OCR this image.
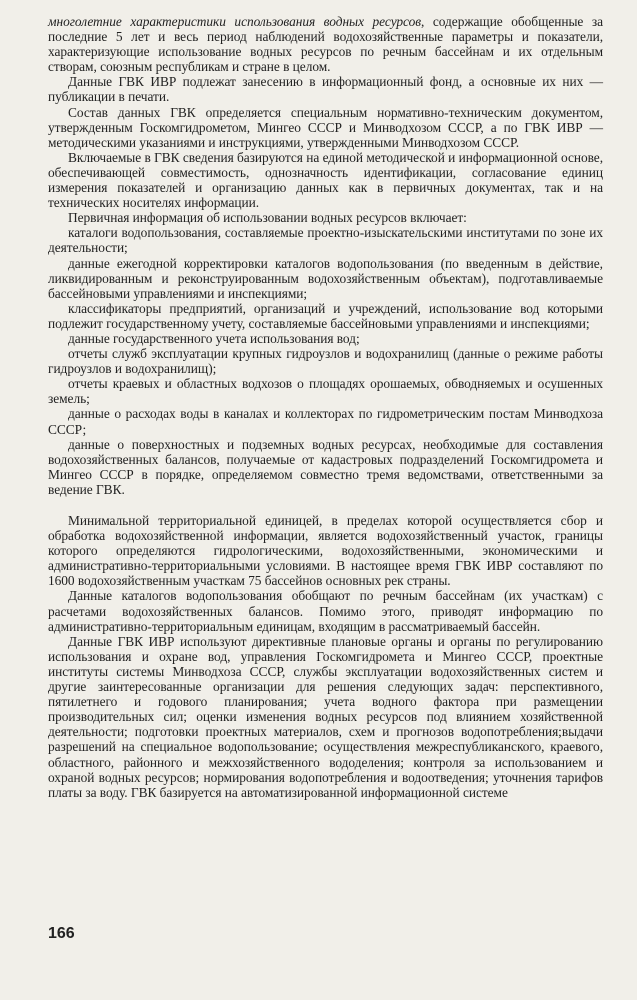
многолетние характеристики использования водных ресурсов, содержащие обобщенные за последние 5 лет и весь период наблюдений водохозяйственные параметры и показатели, характеризующие использование водных ресурсов по речным бассейнам и их отдельным створам, союзным республикам и стране в целом.

Данные ГВК ИВР подлежат занесению в информационный фонд, а основные их них — публикации в печати.

Состав данных ГВК определяется специальным нормативно-техническим документом, утвержденным Госкомгидрометом, Мингео СССР и Минводхозом СССР, а по ГВК ИВР — методическими указаниями и инструкциями, утвержденными Минводхозом СССР.

Включаемые в ГВК сведения базируются на единой методической и информационной основе, обеспечивающей совместимость, однозначность идентификации, согласование единиц измерения показателей и организацию данных как в первичных документах, так и на технических носителях информации.

Первичная информация об использовании водных ресурсов включает:

каталоги водопользования, составляемые проектно-изыскательскими институтами по зоне их деятельности;

данные ежегодной корректировки каталогов водопользования (по введенным в действие, ликвидированным и реконструированным водохозяйственным объектам), подготавливаемые бассейновыми управлениями и инспекциями;

классификаторы предприятий, организаций и учреждений, использование вод которыми подлежит государственному учету, составляемые бассейновыми управлениями и инспекциями;

данные государственного учета использования вод;

отчеты служб эксплуатации крупных гидроузлов и водохранилищ (данные о режиме работы гидроузлов и водохранилищ);

отчеты краевых и областных водхозов о площадях орошаемых, обводняемых и осушенных земель;

данные о расходах воды в каналах и коллекторах по гидрометрическим постам Минводхоза СССР;

данные о поверхностных и подземных водных ресурсах, необходимые для составления водохозяйственных балансов, получаемые от кадастровых подразделений Госкомгидромета и Мингео СССР в порядке, определяемом совместно тремя ведомствами, ответственными за ведение ГВК.

Минимальной территориальной единицей, в пределах которой осуществляется сбор и обработка водохозяйственной информации, является водохозяйственный участок, границы которого определяются гидрологическими, водохозяйственными, экономическими и административно-территориальными условиями. В настоящее время ГВК ИВР составляют по 1600 водохозяйственным участкам 75 бассейнов основных рек страны.

Данные каталогов водопользования обобщают по речным бассейнам (их участкам) с расчетами водохозяйственных балансов. Помимо этого, приводят информацию по административно-территориальным единицам, входящим в рассматриваемый бассейн.

Данные ГВК ИВР используют директивные плановые органы и органы по регулированию использования и охране вод, управления Госкомгидромета и Мингео СССР, проектные институты системы Минводхоза СССР, службы эксплуатации водохозяйственных систем и другие заинтересованные организации для решения следующих задач: перспективного, пятилетнего и годового планирования; учета водного фактора при размещении производительных сил; оценки изменения водных ресурсов под влиянием хозяйственной деятельности; подготовки проектных материалов, схем и прогнозов водопотребления;выдачи разрешений на специальное водопользование; осуществления межреспубликанского, краевого, областного, районного и межхозяйственного вододеления; контроля за использованием и охраной водных ресурсов; нормирования водопотребления и водоотведения; уточнения тарифов платы за воду. ГВК базируется на автоматизированной информационной системе

166
